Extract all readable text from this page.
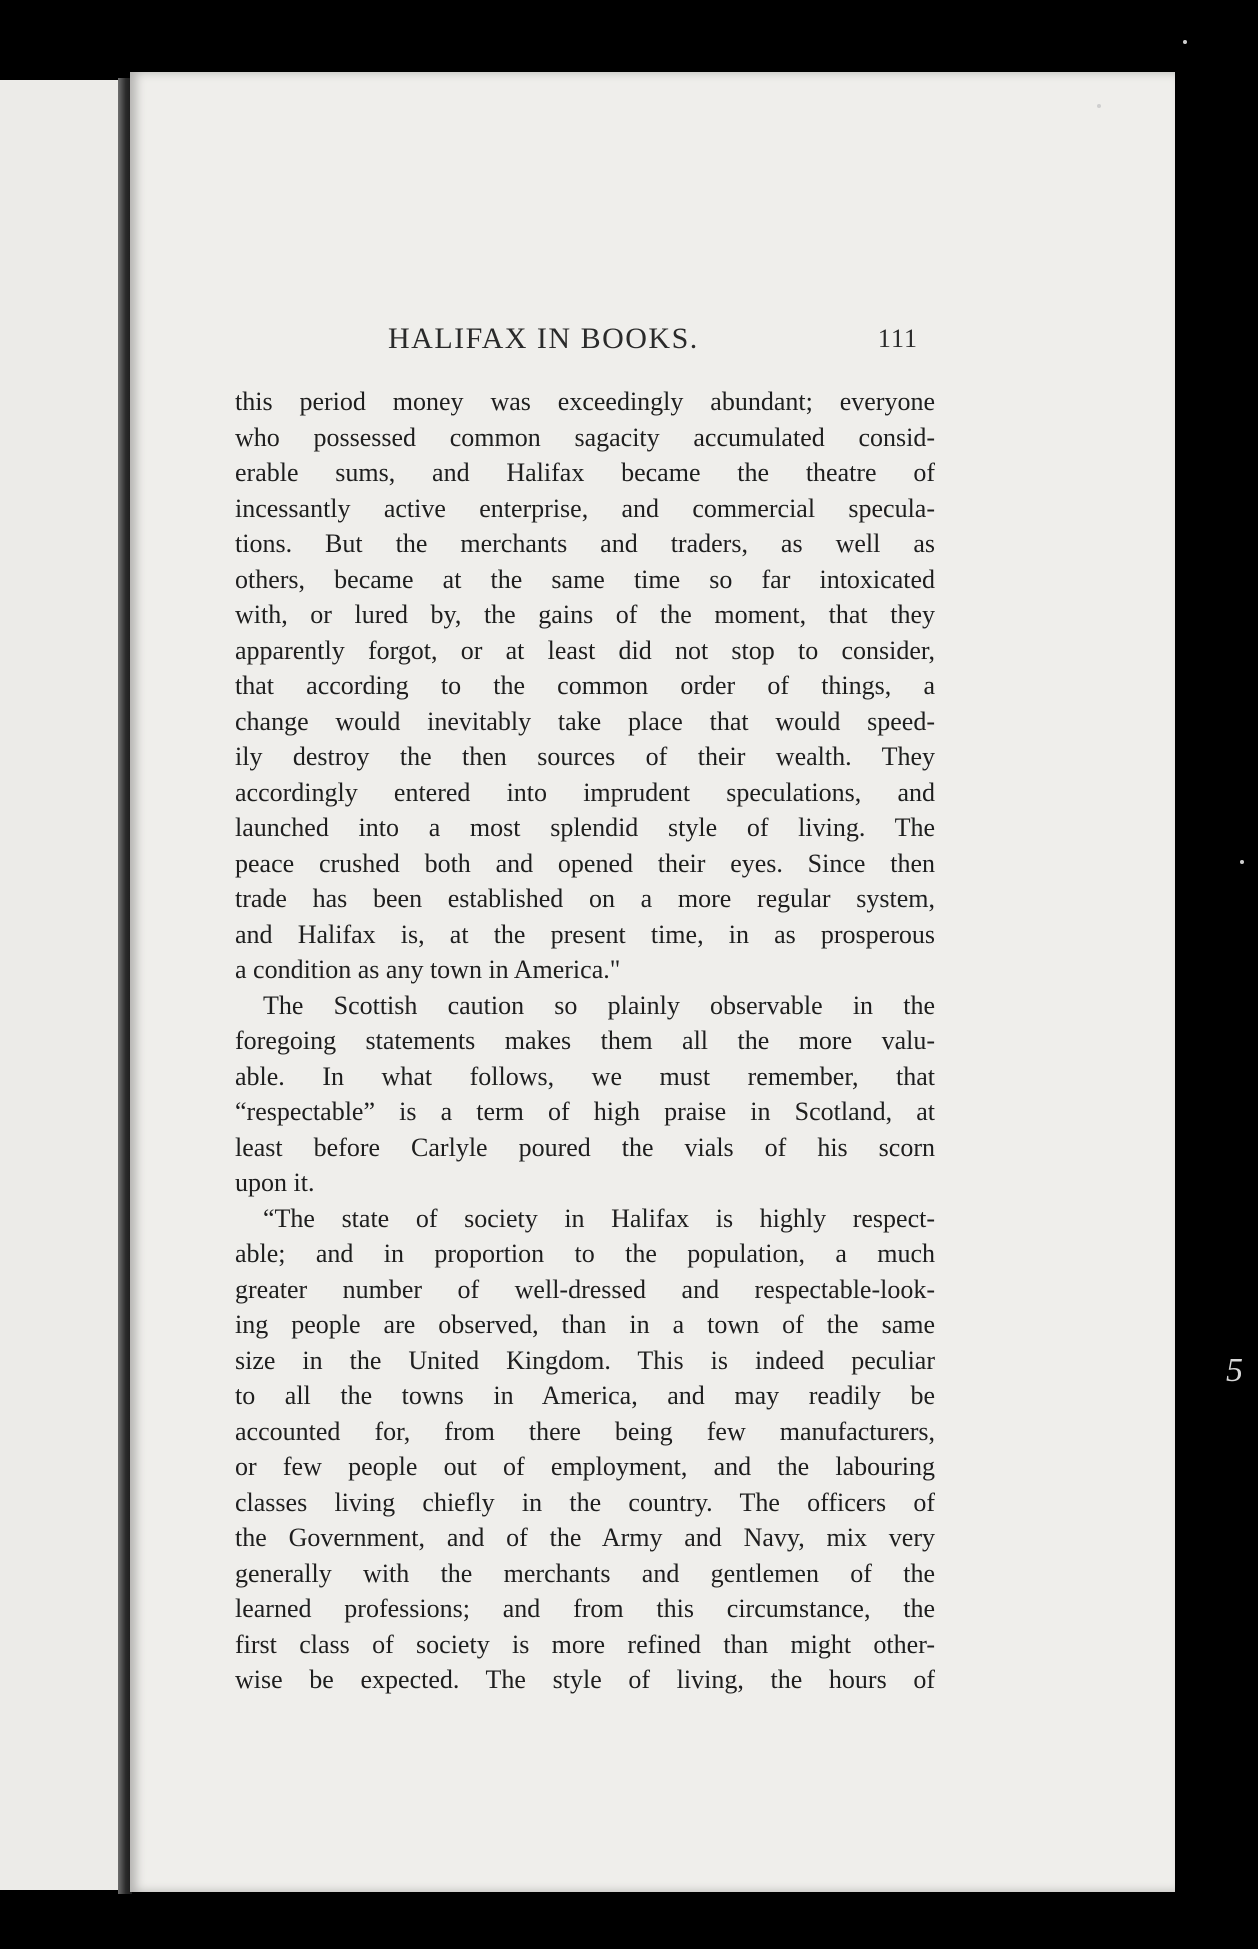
HALIFAX IN BOOKS.	111
this period money was exceedingly abundant; everyone
who possessed common sagacity accumulated consid-
erable sums, and Halifax became the theatre of
incessantly active enterprise, and commercial specula-
tions. But the merchants and traders, as well as
others, became at the same time so far intoxicated
with, or lured by, the gains of the moment, that they
apparently forgot, or at least did not stop to consider,
that according to the common order of things, a
change would inevitably take place that would speed-
ily destroy the then sources of their wealth. They
accordingly entered into imprudent speculations, and
launched into a most splendid style of living. The
peace crushed both and opened their eyes. Since then
trade has been established on a more regular system,
and Halifax is, at the present time, in as prosperous
a condition as any town in America."
The Scottish caution so plainly observable in the
foregoing statements makes them all the more valu-
able. In what follows, we must remember, that
“respectable” is a term of high praise in Scotland, at
least before Carlyle poured the vials of his scorn
upon it.
“The state of society in Halifax is highly respect-
able; and in proportion to the population, a much
greater number of well-dressed and respectable-look-
ing people are observed, than in a town of the same
size in the United Kingdom. This is indeed peculiar
to all the towns in America, and may readily be
accounted for, from there being few manufacturers,
or few people out of employment, and the labouring
classes living chiefly in the country. The officers of
the Government, and of the Army and Navy, mix very
generally with the merchants and gentlemen of the
learned professions; and from this circumstance, the
first class of society is more refined than might other-
wise be expected. The style of living, the hours of
5
